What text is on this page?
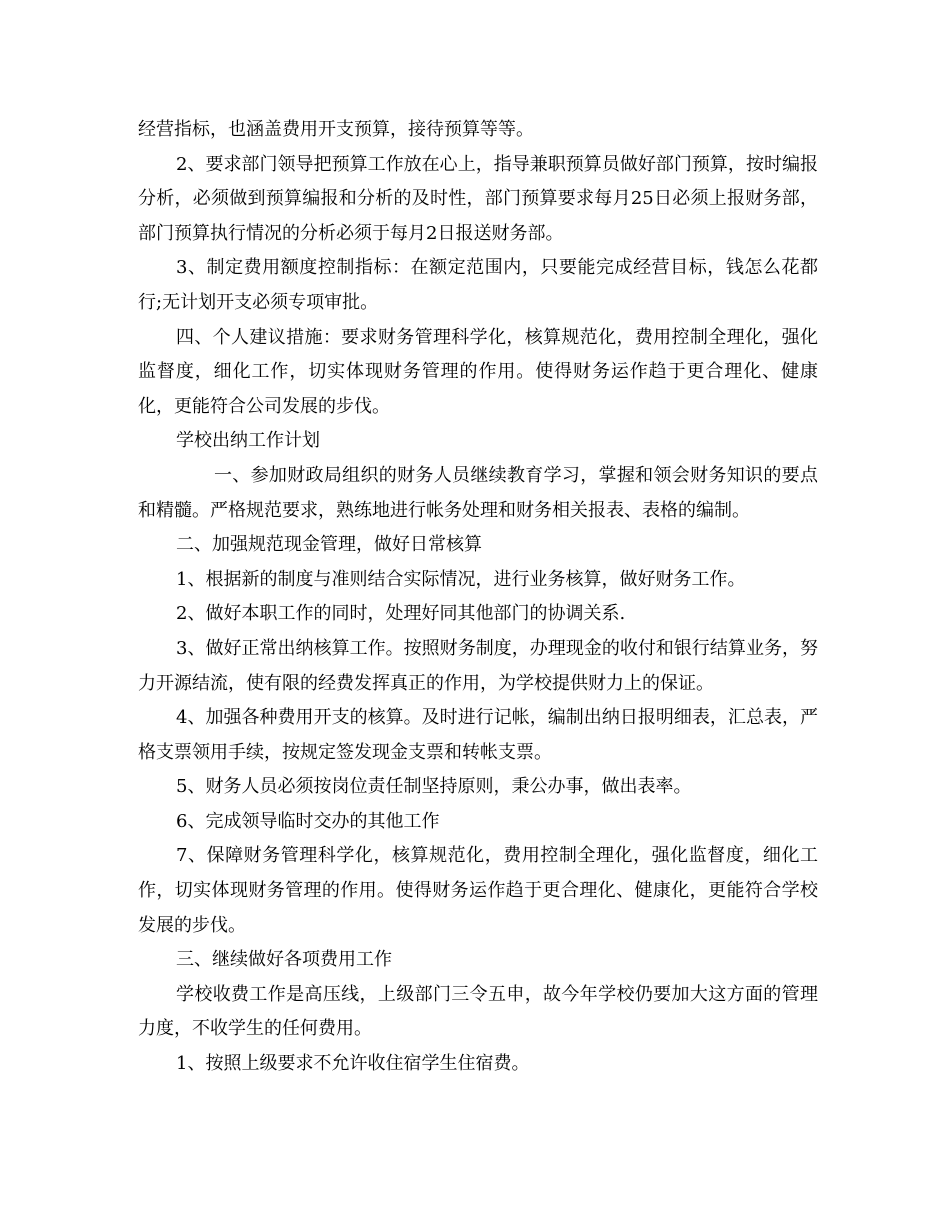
经营指标，也涵盖费用开支预算，接待预算等等。

2、要求部门领导把预算工作放在心上，指导兼职预算员做好部门预算，按时编报分析，必须做到预算编报和分析的及时性，部门预算要求每月25日必须上报财务部，部门预算执行情况的分析必须于每月2日报送财务部。

3、制定费用额度控制指标：在额定范围内，只要能完成经营目标，钱怎么花都行;无计划开支必须专项审批。

四、个人建议措施：要求财务管理科学化，核算规范化，费用控制全理化，强化监督度，细化工作，切实体现财务管理的作用。使得财务运作趋于更合理化、健康化，更能符合公司发展的步伐。

学校出纳工作计划

一、参加财政局组织的财务人员继续教育学习，掌握和领会财务知识的要点和精髓。严格规范要求，熟练地进行帐务处理和财务相关报表、表格的编制。

二、加强规范现金管理，做好日常核算

1、根据新的制度与准则结合实际情况，进行业务核算，做好财务工作。

2、做好本职工作的同时，处理好同其他部门的协调关系.

3、做好正常出纳核算工作。按照财务制度，办理现金的收付和银行结算业务，努力开源结流，使有限的经费发挥真正的作用，为学校提供财力上的保证。

4、加强各种费用开支的核算。及时进行记帐，编制出纳日报明细表，汇总表，严格支票领用手续，按规定签发现金支票和转帐支票。

5、财务人员必须按岗位责任制坚持原则，秉公办事，做出表率。

6、完成领导临时交办的其他工作

7、保障财务管理科学化，核算规范化，费用控制全理化，强化监督度，细化工作，切实体现财务管理的作用。使得财务运作趋于更合理化、健康化，更能符合学校发展的步伐。

三、继续做好各项费用工作

学校收费工作是高压线，上级部门三令五申，故今年学校仍要加大这方面的管理力度，不收学生的任何费用。

1、按照上级要求不允许收住宿学生住宿费。
